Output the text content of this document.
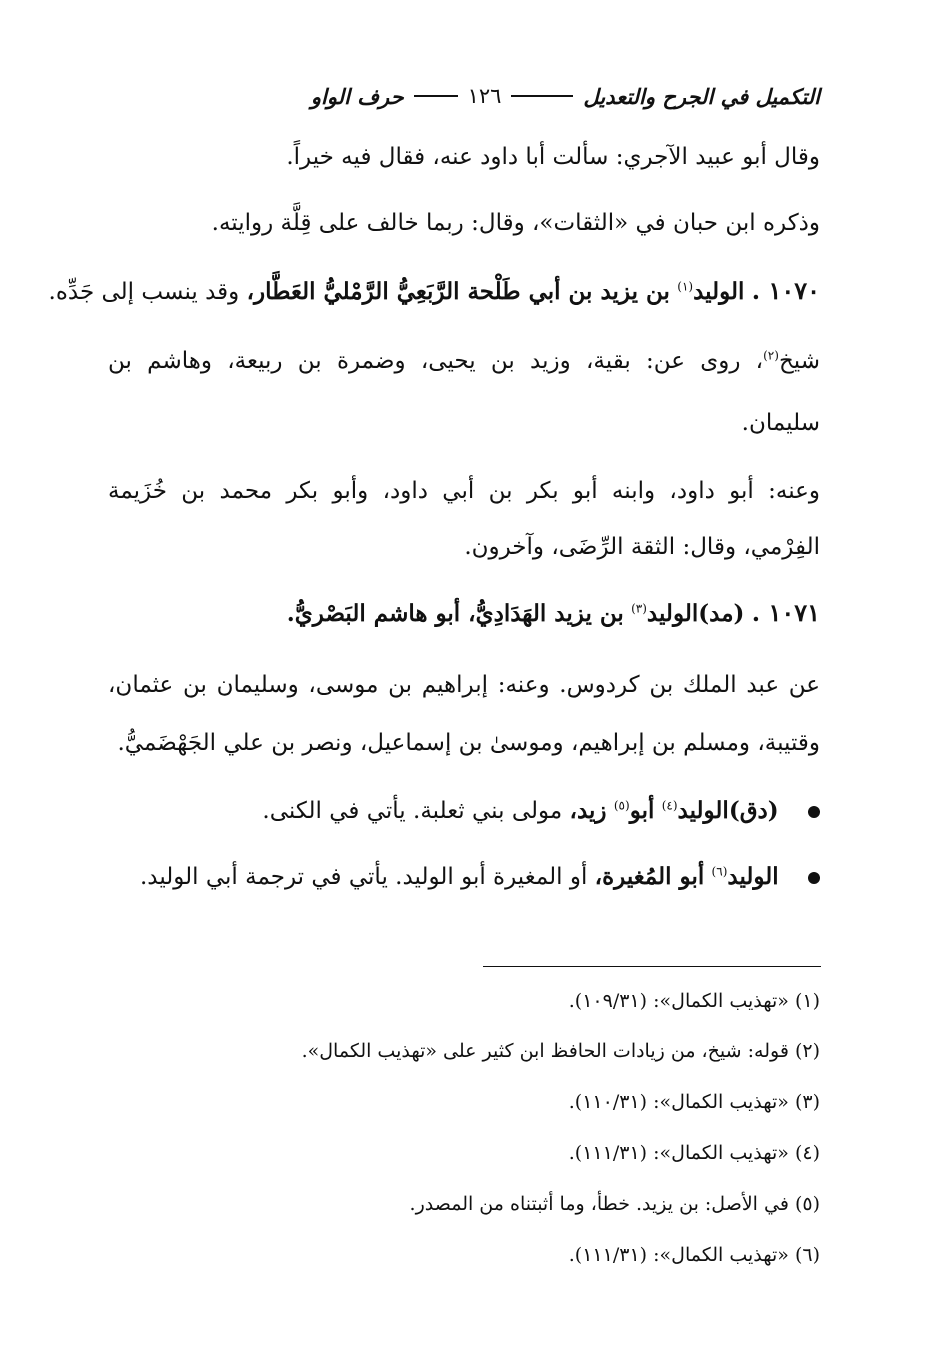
التكميل في الجرح والتعديل
١٢٦
حرف الواو
وقال أبو عبيد الآجري: سألت أبا داود عنه، فقال فيه خيراً.
وذكره ابن حبان في «الثقات»، وقال: ربما خالف على قِلَّة روايته.
١٠٧٠ . الوليد$^{(١)}$ بن يزيد بن أبي طَلْحة الرَّبَعِيُّ الرَّمْليُّ العَطَّار، وقد ينسب إلى جَدِّه.
شيخ$^{(٢)}$، روى عن: بقية، وزيد بن يحيى، وضمرة بن ربيعة، وهاشم بن
سليمان.
وعنه: أبو داود، وابنه أبو بكر بن أبي داود، وأبو بكر محمد بن خُزَيمة
الفِرْمي، وقال: الثقة الرِّضَى، وآخرون.
١٠٧١ . (مد)الوليد$^{(٣)}$ بن يزيد الهَدَادِيُّ، أبو هاشم البَصْريُّ.
عن عبد الملك بن كردوس. وعنه: إبراهيم بن موسى، وسليمان بن عثمان،
وقتيبة، ومسلم بن إبراهيم، وموسىٰ بن إسماعيل، ونصر بن علي الجَهْضَميُّ.
(دق)الوليد$^{(٤)}$ أبو$^{(٥)}$ زيد، مولى بني ثعلبة. يأتي في الكنى.
الوليد$^{(٦)}$ أبو المُغيرة، أو المغيرة أبو الوليد. يأتي في ترجمة أبي الوليد.
(١) «تهذيب الكمال»: (١٠٩/٣١).
(٢) قوله: شيخ، من زيادات الحافظ ابن كثير على «تهذيب الكمال».
(٣) «تهذيب الكمال»: (١١٠/٣١).
(٤) «تهذيب الكمال»: (١١١/٣١).
(٥) في الأصل: بن يزيد. خطأ، وما أثبتناه من المصدر.
(٦) «تهذيب الكمال»: (١١١/٣١).
